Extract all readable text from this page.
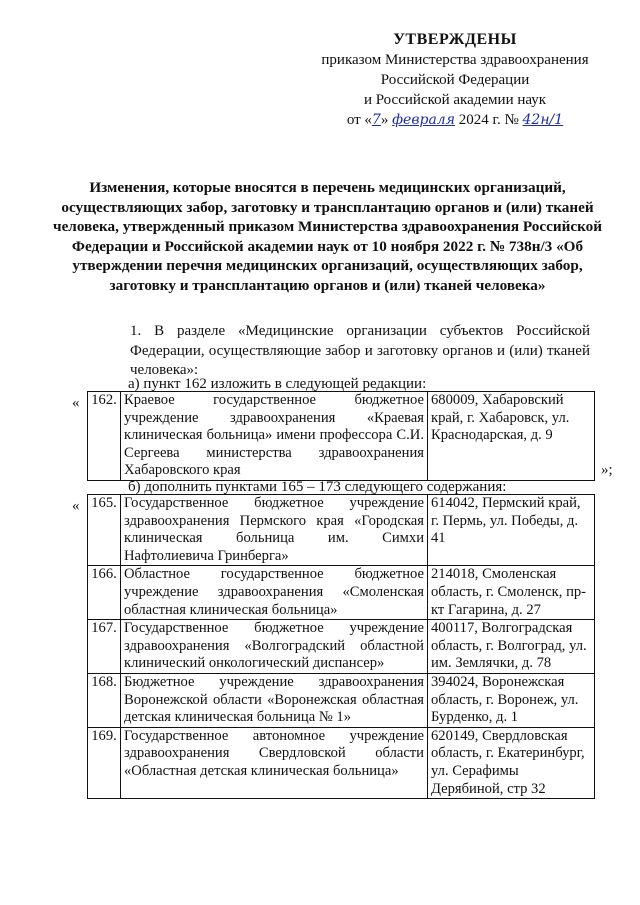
УТВЕРЖДЕНЫ
приказом Министерства здравоохранения
Российской Федерации
и Российской академии наук
от «7» февраля 2024 г. № 42н/1
Изменения, которые вносятся в перечень медицинских организаций, осуществляющих забор, заготовку и трансплантацию органов и (или) тканей человека, утвержденный приказом Министерства здравоохранения Российской Федерации и Российской академии наук от 10 ноября 2022 г. № 738н/3 «Об утверждении перечня медицинских организаций, осуществляющих забор, заготовку и трансплантацию органов и (или) тканей человека»
1. В разделе «Медицинские организации субъектов Российской Федерации, осуществляющие забор и заготовку органов и (или) тканей человека»:
а) пункт 162 изложить в следующей редакции:
« 162.	Краевое государственное бюджетное учреждение здравоохранения «Краевая клиническая больница» имени профессора С.И. Сергеева министерства здравоохранения Хабаровского края	680009, Хабаровский край, г. Хабаровск, ул. Краснодарская, д. 9
»;
б) дополнить пунктами 165 – 173 следующего содержания:
« 165.	Государственное бюджетное учреждение здравоохранения Пермского края «Городская клиническая больница им. Симхи Нафтолиевича Гринберга»	614042, Пермский край, г. Пермь, ул. Победы, д. 41
166.	Областное государственное бюджетное учреждение здравоохранения «Смоленская областная клиническая больница»	214018, Смоленская область, г. Смоленск, пр-кт Гагарина, д. 27
167.	Государственное бюджетное учреждение здравоохранения «Волгоградский областной клинический онкологический диспансер»	400117, Волгоградская область, г. Волгоград, ул. им. Землячки, д. 78
168.	Бюджетное учреждение здравоохранения Воронежской области «Воронежская областная детская клиническая больница № 1»	394024, Воронежская область, г. Воронеж, ул. Бурденко, д. 1
169.	Государственное автономное учреждение здравоохранения Свердловской области «Областная детская клиническая больница»	620149, Свердловская область, г. Екатеринбург, ул. Серафимы Дерябиной, стр 32
